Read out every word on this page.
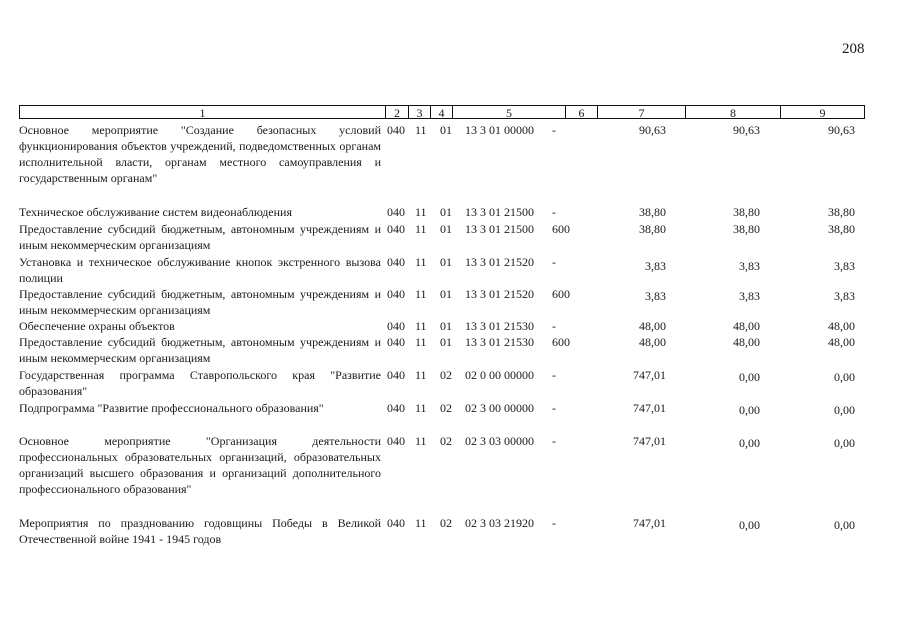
208
1	2	3	4	5	6	7	8	9
Основное мероприятие "Создание безопасных условий функционирования объектов учреждений, подведомственных органам исполнительной власти, органам местного самоуправления и государственным органам"
040 11 01 13 3 01 00000 -	90,63	90,63	90,63
Техническое обслуживание систем видеонаблюдения	040 11 01 13 3 01 21500 -	38,80	38,80	38,80
Предоставление субсидий бюджетным, автономным учреждениям и иным некоммерческим организациям
040 11 01 13 3 01 21500 600	38,80	38,80	38,80
Установка и техническое обслуживание кнопок экстренного вызова полиции
040 11 01 13 3 01 21520 -	3,83	3,83	3,83
Предоставление субсидий бюджетным, автономным учреждениям и иным некоммерческим организациям
040 11 01 13 3 01 21520 600	3,83	3,83	3,83
Обеспечение охраны объектов	040 11 01 13 3 01 21530 -	48,00	48,00	48,00
Предоставление субсидий бюджетным, автономным учреждениям и иным некоммерческим организациям
040 11 01 13 3 01 21530 600	48,00	48,00	48,00
Государственная программа Ставропольского края "Развитие образования"
040 11 02 02 0 00 00000 -	747,01	0,00	0,00
Подпрограмма "Развитие профессионального образования"	040 11 02 02 3 00 00000 -	747,01	0,00	0,00
Основное мероприятие "Организация деятельности профессиональных образовательных организаций, образовательных организаций высшего образования и организаций дополнительного профессионального образования"
040 11 02 02 3 03 00000 -	747,01	0,00	0,00
Мероприятия по празднованию годовщины Победы в Великой Отечественной войне 1941 - 1945 годов
040 11 02 02 3 03 21920 -	747,01	0,00	0,00
